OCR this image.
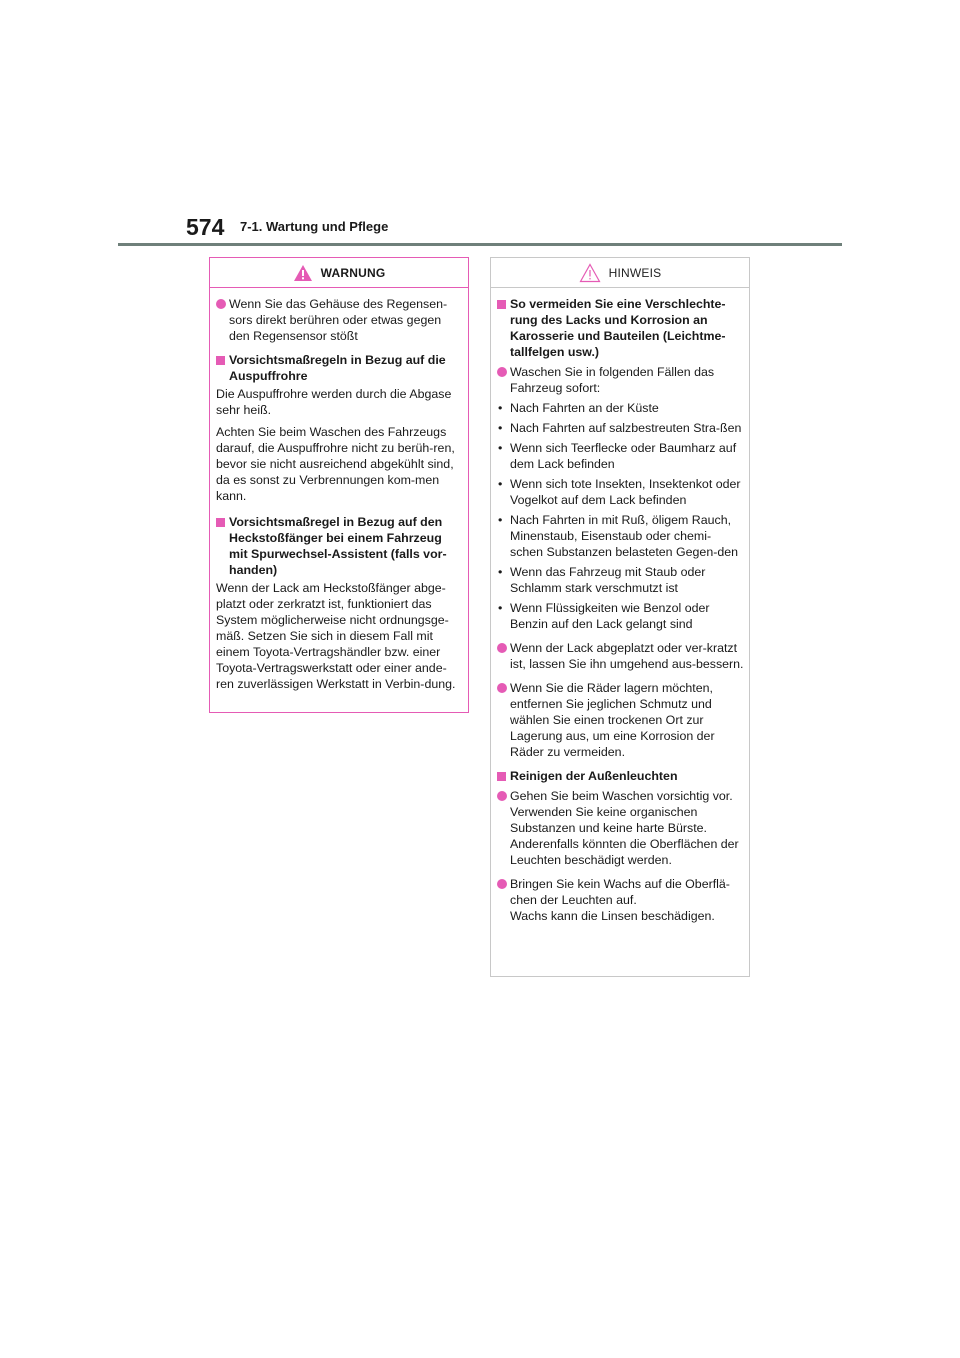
574 7-1. Wartung und Pflege
WARNUNG
Wenn Sie das Gehäuse des Regensen-sors direkt berühren oder etwas gegen den Regensensor stößt
Vorsichtsmaßregeln in Bezug auf die Auspuffrohre

Die Auspuffrohre werden durch die Abgase sehr heiß.

Achten Sie beim Waschen des Fahrzeugs darauf, die Auspuffrohre nicht zu berüh-ren, bevor sie nicht ausreichend abgekühlt sind, da es sonst zu Verbrennungen kom-men kann.

Vorsichtsmaßregel in Bezug auf den Heckstoßfänger bei einem Fahrzeug mit Spurwechsel-Assistent (falls vor-handen)

Wenn der Lack am Heckstoßfänger abge-platzt oder zerkratzt ist, funktioniert das System möglicherweise nicht ordnungsge-mäß. Setzen Sie sich in diesem Fall mit einem Toyota-Vertragshändler bzw. einer Toyota-Vertragswerkstatt oder einer ande-ren zuverlässigen Werkstatt in Verbin-dung.

HINWEIS
So vermeiden Sie eine Verschlechte-rung des Lacks und Korrosion an Karosserie und Bauteilen (Leichtme-tallfelgen usw.)
Waschen Sie in folgenden Fällen das Fahrzeug sofort:
• Nach Fahrten an der Küste
• Nach Fahrten auf salzbestreuten Stra-ßen
• Wenn sich Teerflecke oder Baumharz auf dem Lack befinden
• Wenn sich tote Insekten, Insektenkot oder Vogelkot auf dem Lack befinden
• Nach Fahrten in mit Ruß, öligem Rauch, Minenstaub, Eisenstaub oder chemi-schen Substanzen belasteten Gegen-den
• Wenn das Fahrzeug mit Staub oder Schlamm stark verschmutzt ist
• Wenn Flüssigkeiten wie Benzol oder Benzin auf den Lack gelangt sind
Wenn der Lack abgeplatzt oder ver-kratzt ist, lassen Sie ihn umgehend aus-bessern.
Wenn Sie die Räder lagern möchten, entfernen Sie jeglichen Schmutz und wählen Sie einen trockenen Ort zur Lagerung aus, um eine Korrosion der Räder zu vermeiden.
Reinigen der Außenleuchten
Gehen Sie beim Waschen vorsichtig vor. Verwenden Sie keine organischen Substanzen und keine harte Bürste. Anderenfalls könnten die Oberflächen der Leuchten beschädigt werden.
Bringen Sie kein Wachs auf die Oberflä-chen der Leuchten auf.
Wachs kann die Linsen beschädigen.
